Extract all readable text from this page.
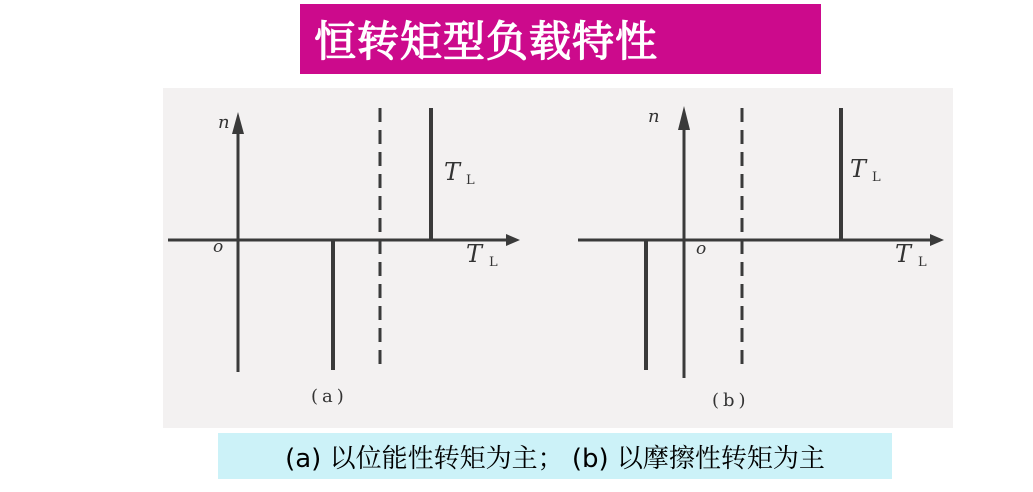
恒转矩型负载特性
n
o	T L
T L
(a)
n
o	T L
T L
(b)
(a) 以位能性转矩为主； (b) 以摩擦性转矩为主
